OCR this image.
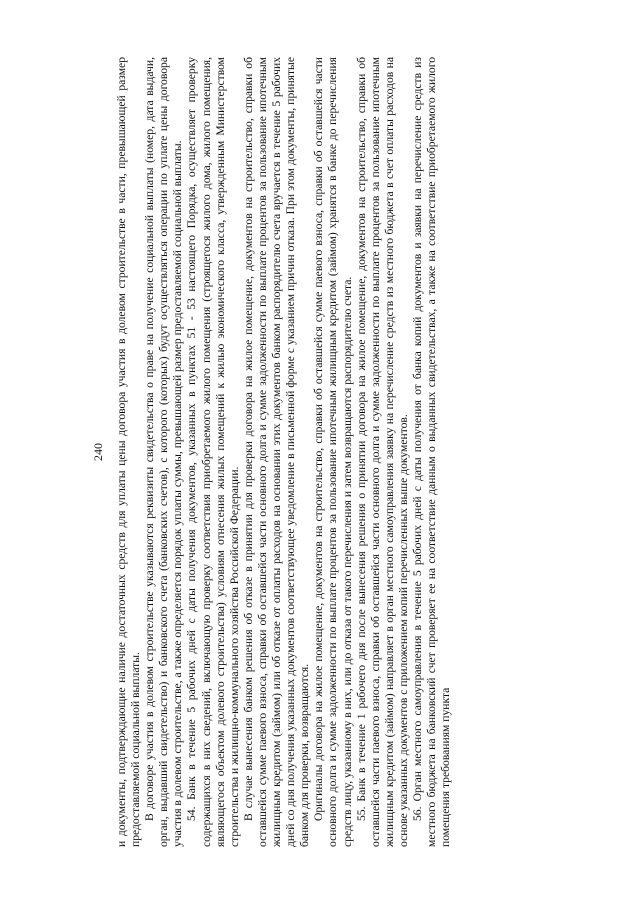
240 и документы, подтверждающие наличие достаточных средств для уплаты цены договора участия в долевом строительстве в части, превышающей размер предоставляемой социальной выплаты. В договоре участия в долевом строительстве указываются реквизиты свидетельства о праве на получение социальной выплаты (номер, дата выдачи, орган, выдавший свидетельство) и банковского счета (банковских счетов), с которого (которых) будут осуществляться операции по уплате цены договора участия в долевом строительстве, а также определяется порядок уплаты суммы, превышающей размер предоставляемой социальной выплаты. 54. Банк в течение 5 рабочих дней с даты получения документов, указанных в пунктах 51 - 53 настоящего Порядка, осуществляет проверку содержащихся в них сведений, включающую проверку соответствия приобретаемого жилого помещения (строящегося жилого дома, жилого помещения, являющегося объектом долевого строительства) условиям отнесения жилых помещений к жилью экономического класса, утвержденным Министерством строительства и жилищно-коммунального хозяйства Российской Федерации. В случае вынесения банком решения об отказе в принятии для проверки договора на жилое помещение, документов на строительство, справки об оставшейся сумме паевого взноса, справки об оставшейся части основного долга и сумме задолженности по выплате процентов за пользование ипотечным жилищным кредитом (займом) или об отказе от оплаты расходов на основании этих документов банком распорядителю счета вручается в течение 5 рабочих дней со дня получения указанных документов соответствующее уведомление в письменной форме с указанием причин отказа. При этом документы, принятые банком для проверки, возвращаются. Оригиналы договора на жилое помещение, документов на строительство, справки об оставшейся сумме паевого взноса, справки об оставшейся части основного долга и сумме задолженности по выплате процентов за пользование ипотечным жилищным кредитом (займом) хранятся в банке до перечисления средств лицу, указанному в них, или до отказа от такого перечисления и затем возвращаются распорядителю счета. 55. Банк в течение 1 рабочего дня после вынесения решения о принятии договора на жилое помещение, документов на строительство, справки об оставшейся части паевого взноса, справки об оставшейся части основного долга и сумме задолженности по выплате процентов за пользование ипотечным жилищным кредитом (займом) направляет в орган местного самоуправления заявку на перечисление средств из местного бюджета в счет оплаты расходов на основе указанных документов с приложением копий перечисленных выше документов. 56. Орган местного самоуправления в течение 5 рабочих дней с даты получения от банка копий документов и заявки на перечисление средств из местного бюджета на банковский счет проверяет ее на соответствие данным о выданных свидетельствах, а также на соответствие приобретаемого жилого помещения требованиям пункта
